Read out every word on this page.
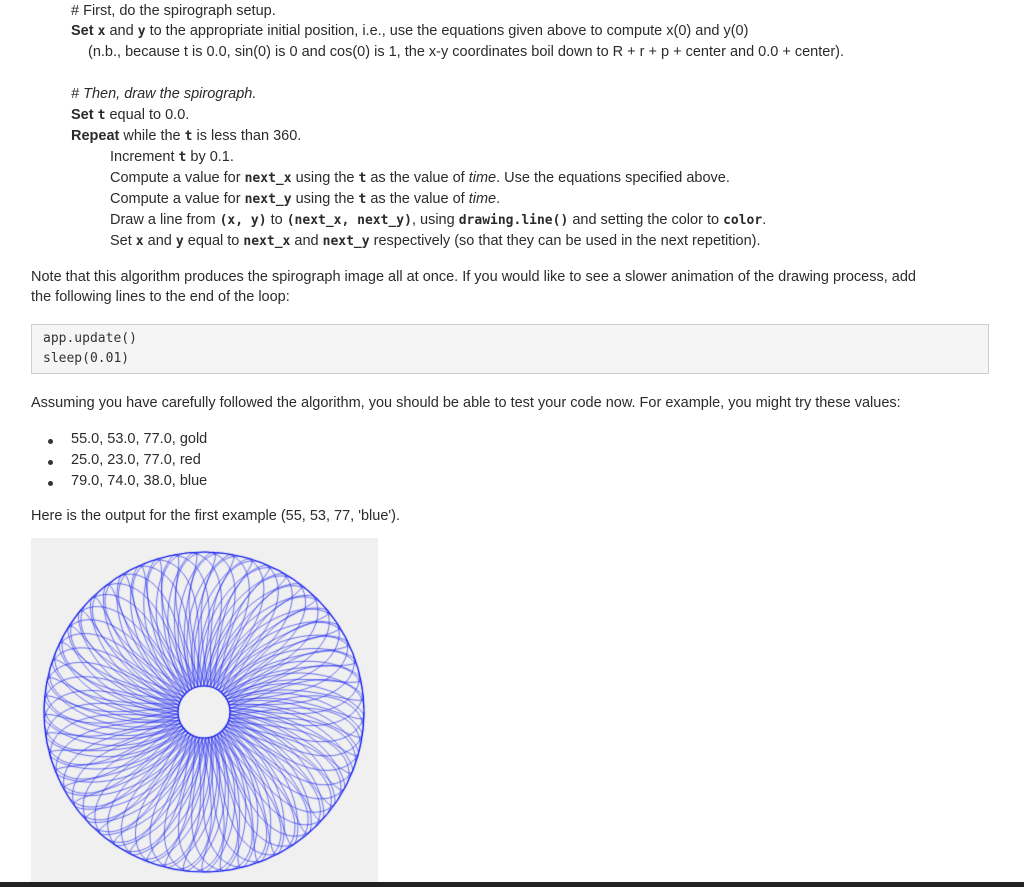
# First, do the spirograph setup.
Set x and y to the appropriate initial position, i.e., use the equations given above to compute x(0) and y(0)
(n.b., because t is 0.0, sin(0) is 0 and cos(0) is 1, the x-y coordinates boil down to R + r + p + center and 0.0 + center).
# Then, draw the spirograph.
Set t equal to 0.0.
Repeat while the t is less than 360.
Increment t by 0.1.
Compute a value for next_x using the t as the value of time. Use the equations specified above.
Compute a value for next_y using the t as the value of time.
Draw a line from (x, y) to (next_x, next_y), using drawing.line() and setting the color to color.
Set x and y equal to next_x and next_y respectively (so that they can be used in the next repetition).
Note that this algorithm produces the spirograph image all at once. If you would like to see a slower animation of the drawing process, add
the following lines to the end of the loop:
app.update()
sleep(0.01)
Assuming you have carefully followed the algorithm, you should be able to test your code now. For example, you might try these values:
55.0, 53.0, 77.0, gold
25.0, 23.0, 77.0, red
79.0, 74.0, 38.0, blue
Here is the output for the first example (55, 53, 77, 'blue').
